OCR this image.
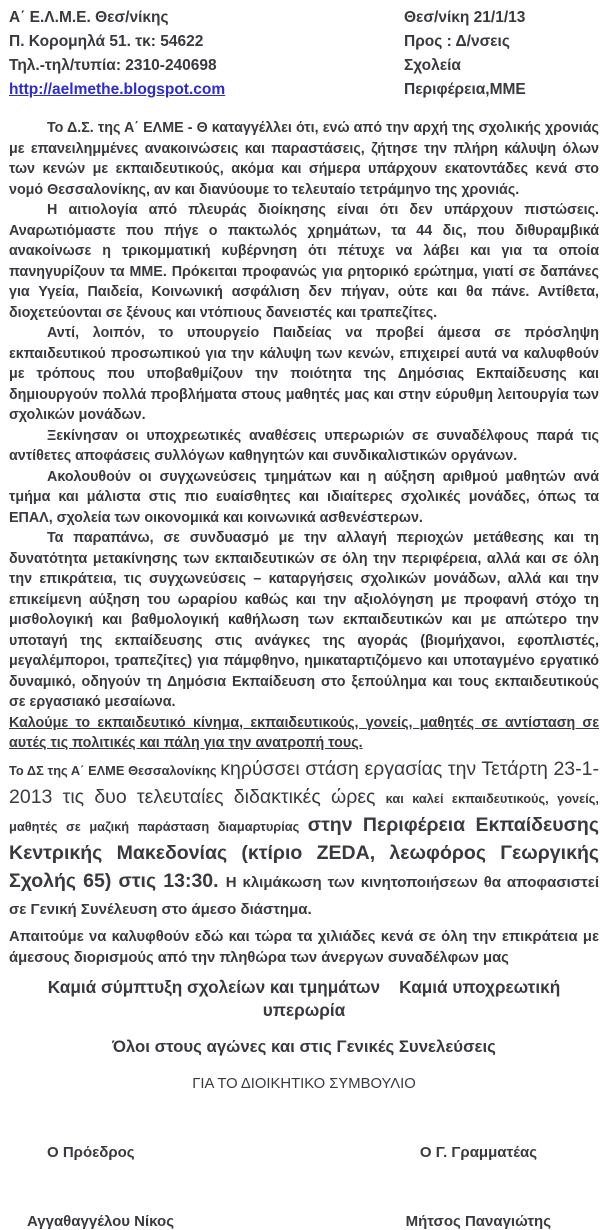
Α΄ Ε.Λ.Μ.Ε. Θεσ/νίκης
Π. Κορομηλά 51. τκ: 54622
Τηλ.-τηλ/τυπία: 2310-240698
http://aelmethe.blogspot.com
Θεσ/νίκη 21/1/13
Προς : Δ/νσεις
Σχολεία
Περιφέρεια,ΜΜΕ

Το Δ.Σ. της Α΄ ΕΛΜΕ - Θ καταγγέλλει ότι, ενώ από την αρχή της σχολικής χρονιάς με επανειλημμένες ανακοινώσεις και παραστάσεις, ζήτησε την πλήρη κάλυψη όλων των κενών με εκπαιδευτικούς, ακόμα και σήμερα υπάρχουν εκατοντάδες κενά στο νομό Θεσσαλονίκης, αν και διανύουμε το τελευταίο τετράμηνο της χρονιάς.

Η αιτιολογία από πλευράς διοίκησης είναι ότι δεν υπάρχουν πιστώσεις. Αναρωτιόμαστε που πήγε ο πακτωλός χρημάτων, τα 44 δις, που διθυραμβικά ανακοίνωσε η τρικομματική κυβέρνηση ότι πέτυχε να λάβει και για τα οποία πανηγυρίζουν τα ΜΜΕ. Πρόκειται προφανώς για ρητορικό ερώτημα, γιατί σε δαπάνες για Υγεία, Παιδεία, Κοινωνική ασφάλιση δεν πήγαν, ούτε και θα πάνε. Αντίθετα, διοχετεύονται σε ξένους και ντόπιους δανειστές και τραπεζίτες.

Αντί, λοιπόν, το υπουργείο Παιδείας να προβεί άμεσα σε πρόσληψη εκπαιδευτικού προσωπικού για την κάλυψη των κενών, επιχειρεί αυτά να καλυφθούν με τρόπους που υποβαθμίζουν την ποιότητα της Δημόσιας Εκπαίδευσης και δημιουργούν πολλά προβλήματα στους μαθητές μας και στην εύρυθμη λειτουργία των σχολικών μονάδων.

Ξεκίνησαν οι υποχρεωτικές αναθέσεις υπερωριών σε συναδέλφους παρά τις αντίθετες αποφάσεις συλλόγων καθηγητών και συνδικαλιστικών οργάνων.

Ακολουθούν οι συγχωνεύσεις τμημάτων και η αύξηση αριθμού μαθητών ανά τμήμα και μάλιστα στις πιο ευαίσθητες και ιδιαίτερες σχολικές μονάδες, όπως τα ΕΠΑΛ, σχολεία των οικονομικά και κοινωνικά ασθενέστερων.

Τα παραπάνω, σε συνδυασμό με την αλλαγή περιοχών μετάθεσης και τη δυνατότητα μετακίνησης των εκπαιδευτικών σε όλη την περιφέρεια, αλλά και σε όλη την επικράτεια, τις συγχωνεύσεις – καταργήσεις σχολικών μονάδων, αλλά και την επικείμενη αύξηση του ωραρίου καθώς και την αξιολόγηση με προφανή στόχο τη μισθολογική και βαθμολογική καθήλωση των εκπαιδευτικών και με απώτερο την υποταγή της εκπαίδευσης στις ανάγκες της αγοράς (βιομήχανοι, εφοπλιστές, μεγαλέμποροι, τραπεζίτες) για πάμφθηνο, ημικαταρτιζόμενο και υποταγμένο εργατικό δυναμικό, οδηγούν τη Δημόσια Εκπαίδευση στο ξεπούλημα και τους εκπαιδευτικούς σε εργασιακό μεσαίωνα.

Καλούμε το εκπαιδευτικό κίνημα, εκπαιδευτικούς, γονείς, μαθητές σε αντίσταση σε αυτές τις πολιτικές και πάλη για την ανατροπή τους.

Το ΔΣ της Α΄ ΕΛΜΕ Θεσσαλονίκης κηρύσσει στάση εργασίας την Τετάρτη 23-1-2013 τις δυο τελευταίες διδακτικές ώρες και καλεί εκπαιδευτικούς, γονείς, μαθητές σε μαζική παράσταση διαμαρτυρίας στην Περιφέρεια Εκπαίδευσης Κεντρικής Μακεδονίας (κτίριο ZEDA, λεωφόρος Γεωργικής Σχολής 65) στις 13:30. Η κλιμάκωση των κινητοποιήσεων θα αποφασιστεί σε Γενική Συνέλευση στο άμεσο διάστημα.

Απαιτούμε να καλυφθούν εδώ και τώρα τα χιλιάδες κενά σε όλη την επικράτεια με άμεσους διορισμούς από την πληθώρα των άνεργων συναδέλφων μας

Καμιά σύμπτυξη σχολείων και τμημάτων    Καμιά υποχρεωτική υπερωρία

Όλοι στους αγώνες και στις Γενικές Συνελεύσεις

ΓΙΑ ΤΟ ΔΙΟΙΚΗΤΙΚΟ ΣΥΜΒΟΥΛΙΟ

Ο Πρόεδρος	Ο Γ. Γραμματέας
Αγγαθαγγέλου Νίκος	Μήτσος Παναγιώτης
